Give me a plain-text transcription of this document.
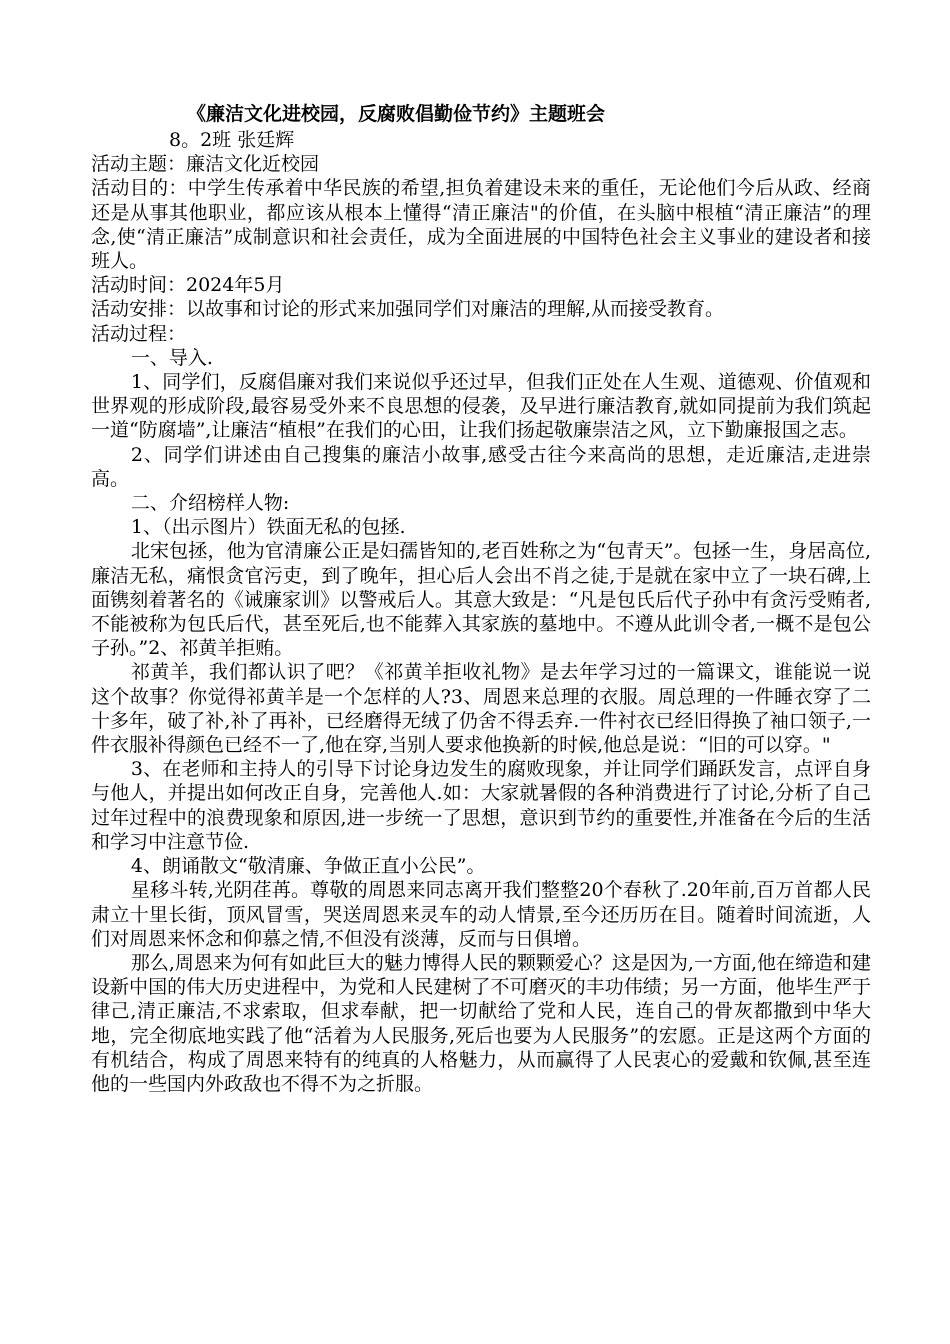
《廉洁文化进校园，反腐败倡勤俭节约》主题班会

8。2班 张廷辉

活动主题：廉洁文化近校园

活动目的：中学生传承着中华民族的希望,担负着建设未来的重任，无论他们今后从政、经商还是从事其他职业，都应该从根本上懂得“清正廉洁"的价值，在头脑中根植“清正廉洁”的理念,使“清正廉洁”成制意识和社会责任，成为全面进展的中国特色社会主义事业的建设者和接班人。

活动时间：2024年5月

活动安排：以故事和讨论的形式来加强同学们对廉洁的理解,从而接受教育。

活动过程：

一、导入.

1、同学们，反腐倡廉对我们来说似乎还过早，但我们正处在人生观、道德观、价值观和世界观的形成阶段,最容易受外来不良思想的侵袭，及早进行廉洁教育,就如同提前为我们筑起一道“防腐墙”,让廉洁“植根”在我们的心田，让我们扬起敬廉崇洁之风，立下勤廉报国之志。

2、同学们讲述由自己搜集的廉洁小故事,感受古往今来高尚的思想，走近廉洁,走进崇高。

二、介绍榜样人物:

1、（出示图片）铁面无私的包拯.

北宋包拯，他为官清廉公正是妇孺皆知的,老百姓称之为“包青天”。包拯一生，身居高位,廉洁无私，痛恨贪官污吏，到了晚年，担心后人会出不肖之徒,于是就在家中立了一块石碑,上面镌刻着著名的《诫廉家训》以警戒后人。其意大致是：“凡是包氏后代子孙中有贪污受贿者,不能被称为包氏后代，甚至死后,也不能葬入其家族的墓地中。不遵从此训令者,一概不是包公子孙。”2、祁黄羊拒贿。

祁黄羊，我们都认识了吧？《祁黄羊拒收礼物》是去年学习过的一篇课文，谁能说一说这个故事？你觉得祁黄羊是一个怎样的人?3、周恩来总理的衣服。周总理的一件睡衣穿了二十多年，破了补,补了再补，已经磨得无绒了仍舍不得丢弃.一件衬衣已经旧得换了袖口领子,一件衣服补得颜色已经不一了,他在穿,当别人要求他换新的时候,他总是说：“旧的可以穿。"

3、在老师和主持人的引导下讨论身边发生的腐败现象，并让同学们踊跃发言，点评自身与他人，并提出如何改正自身，完善他人.如：大家就暑假的各种消费进行了讨论,分析了自己过年过程中的浪费现象和原因,进一步统一了思想，意识到节约的重要性,并准备在今后的生活和学习中注意节俭.

4、朗诵散文“敬清廉、争做正直小公民”。

星移斗转,光阴荏苒。尊敬的周恩来同志离开我们整整20个春秋了.20年前,百万首都人民肃立十里长街，顶风冒雪，哭送周恩来灵车的动人情景,至今还历历在目。随着时间流逝，人们对周恩来怀念和仰慕之情,不但没有淡薄，反而与日俱增。

那么,周恩来为何有如此巨大的魅力博得人民的颗颗爱心？这是因为,一方面,他在缔造和建设新中国的伟大历史进程中，为党和人民建树了不可磨灭的丰功伟绩；另一方面，他毕生严于律己,清正廉洁,不求索取，但求奉献，把一切献给了党和人民，连自己的骨灰都撒到中华大地，完全彻底地实践了他“活着为人民服务,死后也要为人民服务”的宏愿。正是这两个方面的有机结合，构成了周恩来特有的纯真的人格魅力，从而赢得了人民衷心的爱戴和钦佩,甚至连他的一些国内外政敌也不得不为之折服。
